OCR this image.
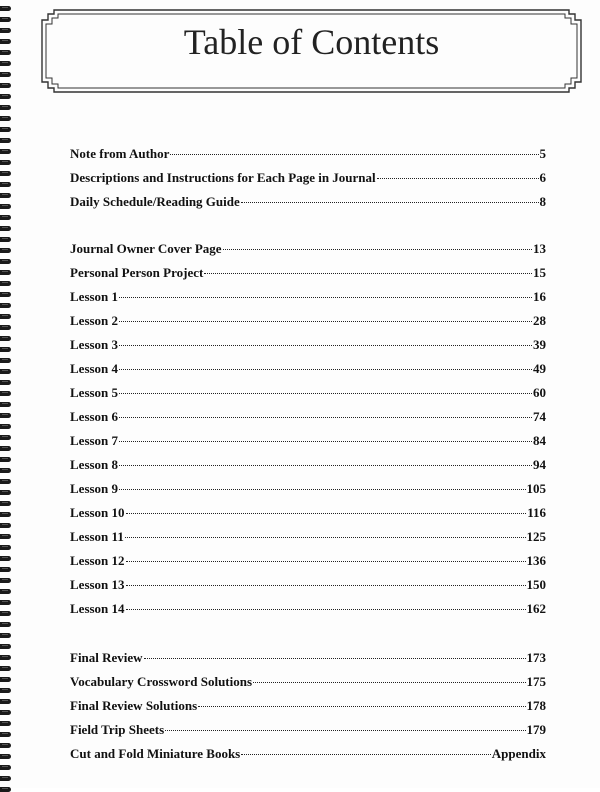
Table of Contents
Note from Author	5
Descriptions and Instructions for Each Page in Journal	6
Daily Schedule/Reading Guide	8
Journal Owner Cover Page	13
Personal Person Project	15
Lesson 1	16
Lesson 2	28
Lesson 3	39
Lesson 4	49
Lesson 5	60
Lesson 6	74
Lesson 7	84
Lesson 8	94
Lesson 9	105
Lesson 10	116
Lesson 11	125
Lesson 12	136
Lesson 13	150
Lesson 14	162
Final Review	173
Vocabulary Crossword Solutions	175
Final Review Solutions	178
Field Trip Sheets	179
Cut and Fold Miniature Books	Appendix
